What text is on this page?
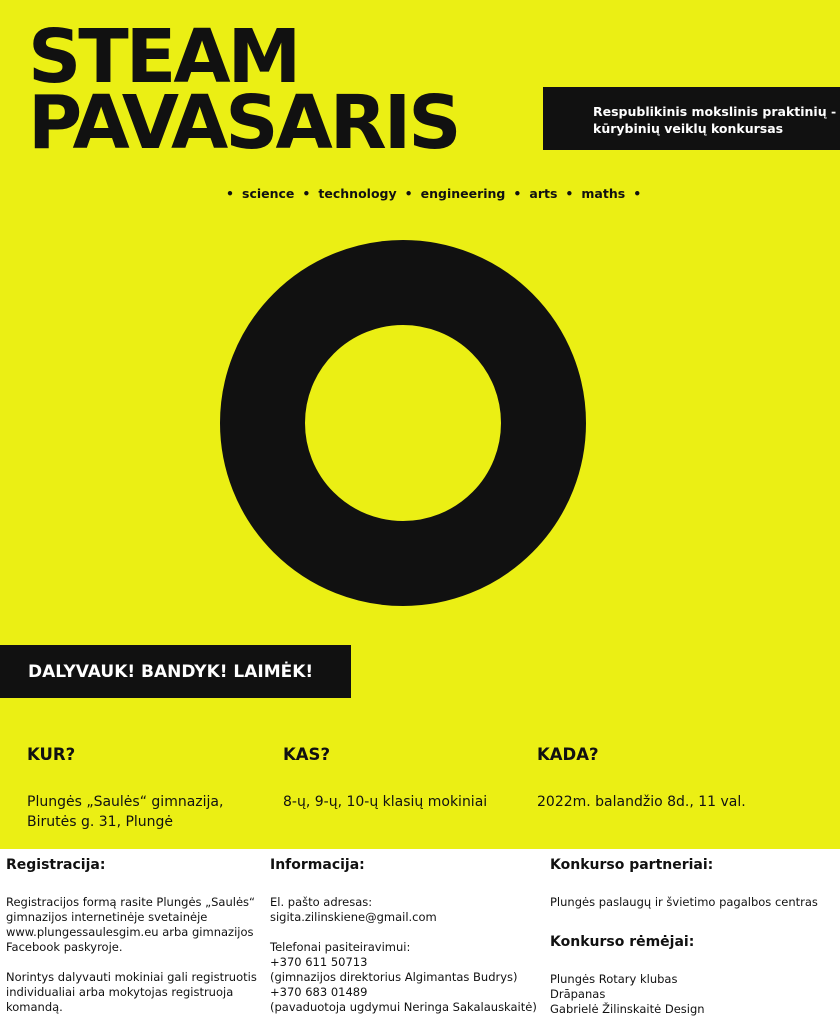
STEAM
PAVASARIS	Respublikinis mokslinis praktinių -
kūrybinių veiklų konkursas
• science • technology • engineering • arts • maths •
DALYVAUK! BANDYK! LAIMĖK!
KUR?

Plungės „Saulės“ gimnazija,

Birutės g. 31, Plungė

KAS?

8-ų, 9-ų, 10-ų klasių mokiniai

KADA?

2022m. balandžio 8d., 11 val.

Registracija:

Registracijos formą rasite Plungės „Saulės“

gimnazijos internetinėje svetainėje

www.plungessaulesgim.eu arba gimnazijos

Facebook paskyroje.

Norintys dalyvauti mokiniai gali registruotis

individualiai arba mokytojas registruoja

komandą.

Informacija:

El. pašto adresas:

sigita.zilinskiene@gmail.com

Telefonai pasiteiravimui:

+370 611 50713

(gimnazijos direktorius Algimantas Budrys)

+370 683 01489

(pavaduotoja ugdymui Neringa Sakalauskaitė)

Konkurso partneriai:

Plungės paslaugų ir švietimo pagalbos centras

Konkurso rėmėjai:

Plungės Rotary klubas

Drāpanas

Gabrielė Žilinskaitė Design
